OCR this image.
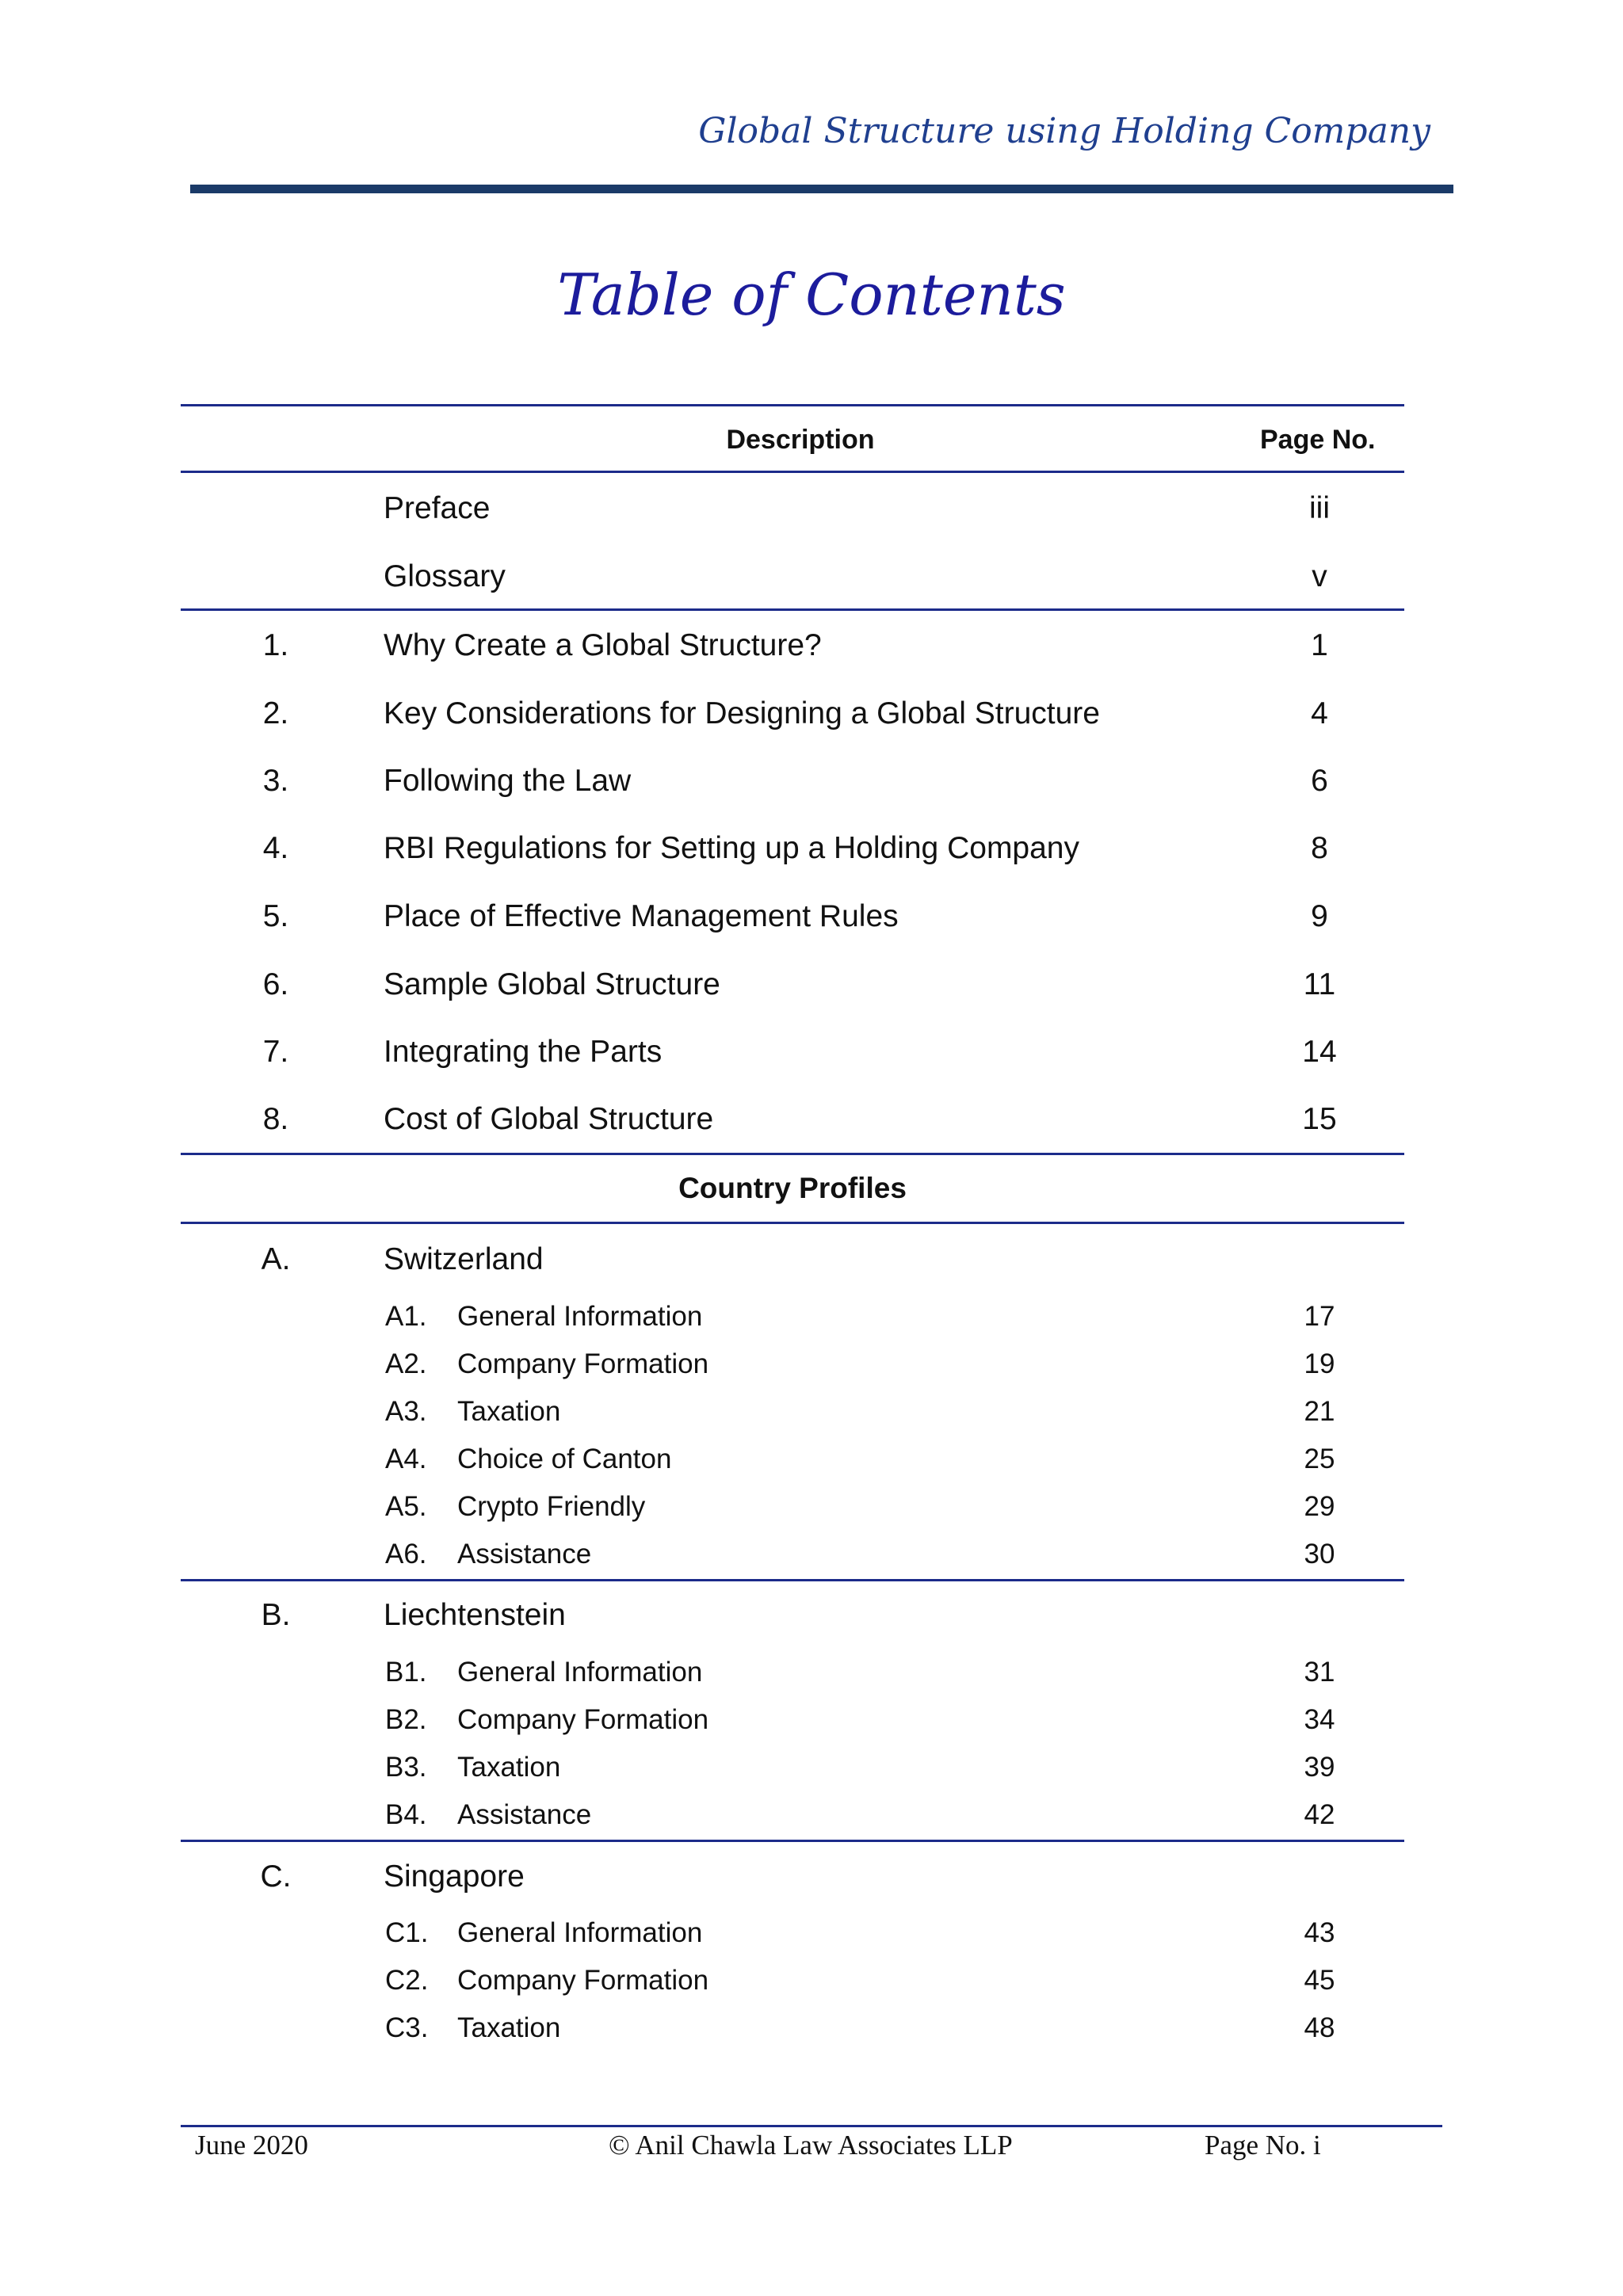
Global Structure using Holding Company
Table of Contents
Description	Page No.
Preface	iii
Glossary	v
1.	Why Create a Global Structure?	1
2.	Key Considerations for Designing a Global Structure	4
3.	Following the Law	6
4.	RBI Regulations for Setting up a Holding Company	8
5.	Place of Effective Management Rules	9
6.	Sample Global Structure	11
7.	Integrating the Parts	14
8.	Cost of Global Structure	15
Country Profiles
A.	Switzerland
A1. General Information	17
A2. Company Formation	19
A3. Taxation	21
A4. Choice of Canton	25
A5. Crypto Friendly	29
A6. Assistance	30
B.	Liechtenstein
B1. General Information	31
B2. Company Formation	34
B3. Taxation	39
B4. Assistance	42
C.	Singapore
C1. General Information	43
C2. Company Formation	45
C3. Taxation	48
June 2020	© Anil Chawla Law Associates LLP	Page No. i
